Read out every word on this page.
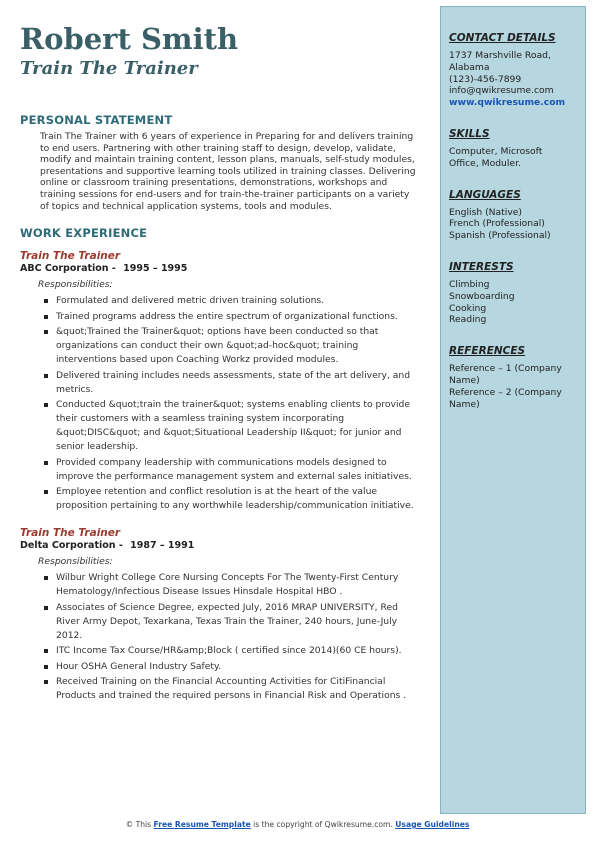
Robert Smith
Train The Trainer
PERSONAL STATEMENT
Train The Trainer with 6 years of experience in Preparing for and delivers training to end users. Partnering with other training staff to design, develop, validate, modify and maintain training content, lesson plans, manuals, self-study modules, presentations and supportive learning tools utilized in training classes. Delivering online or classroom training presentations, demonstrations, workshops and training sessions for end-users and for train-the-trainer participants on a variety of topics and technical application systems, tools and modules.
WORK EXPERIENCE
Train The Trainer
ABC Corporation - 1995 – 1995
Responsibilities:
Formulated and delivered metric driven training solutions.
Trained programs address the entire spectrum of organizational functions.
&quot;Trained the Trainer&quot; options have been conducted so that organizations can conduct their own &quot;ad-hoc&quot; training interventions based upon Coaching Workz provided modules.
Delivered training includes needs assessments, state of the art delivery, and metrics.
Conducted &quot;train the trainer&quot; systems enabling clients to provide their customers with a seamless training system incorporating &quot;DISC&quot; and &quot;Situational Leadership II&quot; for junior and senior leadership.
Provided company leadership with communications models designed to improve the performance management system and external sales initiatives.
Employee retention and conflict resolution is at the heart of the value proposition pertaining to any worthwhile leadership/communication initiative.
Train The Trainer
Delta Corporation - 1987 – 1991
Responsibilities:
Wilbur Wright College Core Nursing Concepts For The Twenty-First Century Hematology/Infectious Disease Issues Hinsdale Hospital HBO .
Associates of Science Degree, expected July, 2016 MRAP UNIVERSITY, Red River Army Depot, Texarkana, Texas Train the Trainer, 240 hours, June-July 2012.
ITC Income Tax Course/HR&amp;Block ( certified since 2014)(60 CE hours).
Hour OSHA General Industry Safety.
Received Training on the Financial Accounting Activities for CitiFinancial Products and trained the required persons in Financial Risk and Operations .
CONTACT DETAILS
1737 Marshville Road,
Alabama
(123)-456-7899
info@qwikresume.com
www.qwikresume.com
SKILLS
Computer, Microsoft
Office, Moduler.
LANGUAGES
English (Native)
French (Professional)
Spanish (Professional)
INTERESTS
Climbing
Snowboarding
Cooking
Reading
REFERENCES
Reference – 1 (Company
Name)
Reference – 2 (Company
Name)
© This Free Resume Template is the copyright of Qwikresume.com. Usage Guidelines
